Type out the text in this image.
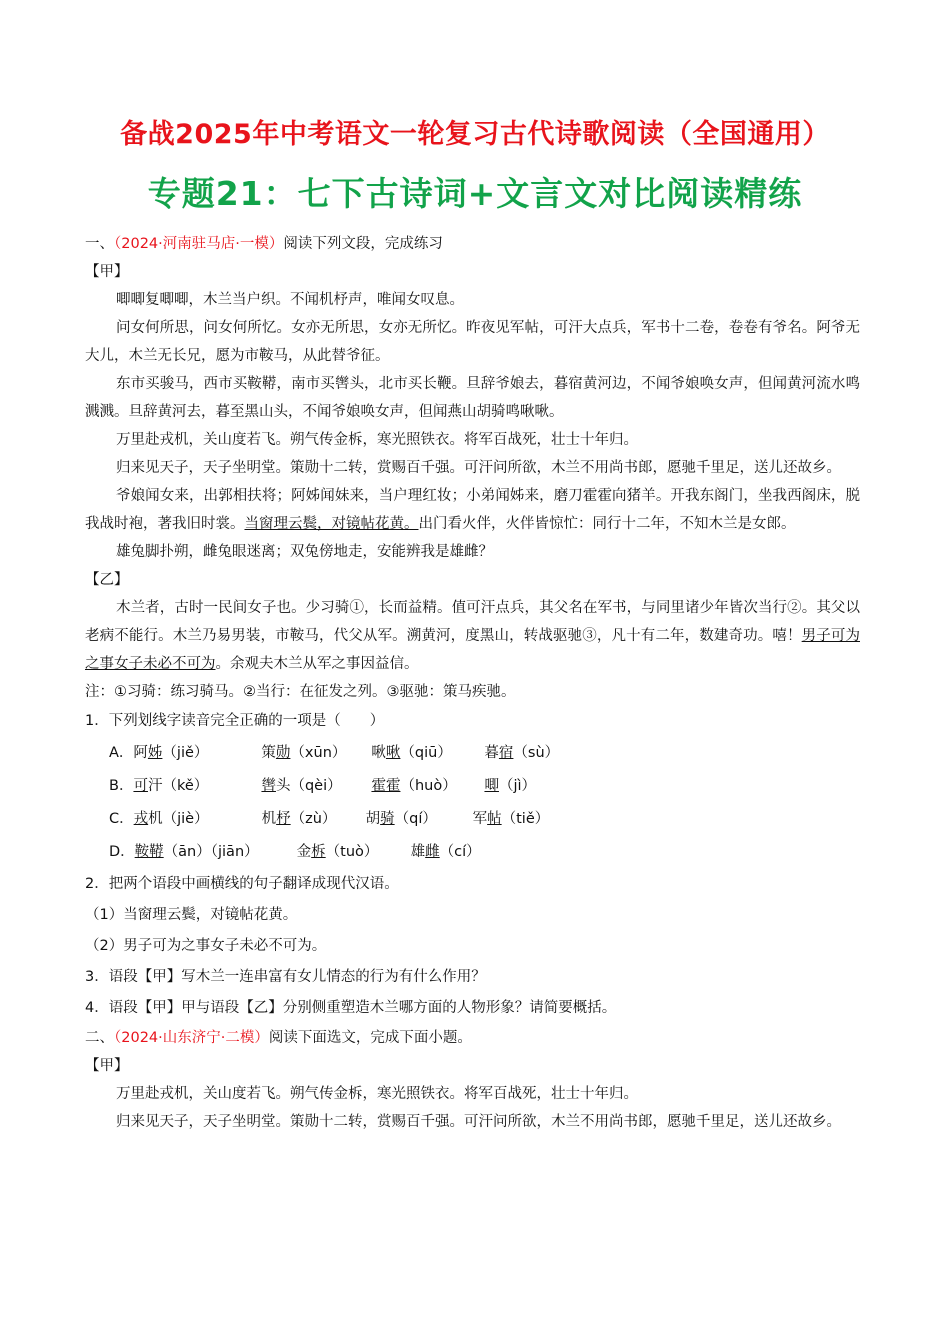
备战2025年中考语文一轮复习古代诗歌阅读（全国通用）
专题21：七下古诗词+文言文对比阅读精练
一、（2024·河南驻马店·一模）阅读下列文段，完成练习
【甲】
唧唧复唧唧，木兰当户织。不闻机杼声，唯闻女叹息。
问女何所思，问女何所忆。女亦无所思，女亦无所忆。昨夜见军帖，可汗大点兵，军书十二卷，卷卷有爷名。阿爷无大儿，木兰无长兄，愿为市鞍马，从此替爷征。
东市买骏马，西市买鞍鞯，南市买辔头，北市买长鞭。旦辞爷娘去，暮宿黄河边，不闻爷娘唤女声，但闻黄河流水鸣溅溅。旦辞黄河去，暮至黑山头，不闻爷娘唤女声，但闻燕山胡骑鸣啾啾。
万里赴戎机，关山度若飞。朔气传金柝，寒光照铁衣。将军百战死，壮士十年归。
归来见天子，天子坐明堂。策勋十二转，赏赐百千强。可汗问所欲，木兰不用尚书郎，愿驰千里足，送儿还故乡。
爷娘闻女来，出郭相扶将；阿姊闻妹来，当户理红妆；小弟闻姊来，磨刀霍霍向猪羊。开我东阁门，坐我西阁床，脱我战时袍，著我旧时裳。当窗理云鬓，对镜帖花黄。出门看火伴，火伴皆惊忙：同行十二年，不知木兰是女郎。
雄兔脚扑朔，雌兔眼迷离；双兔傍地走，安能辨我是雄雌？
【乙】
木兰者，古时一民间女子也。少习骑①，长而益精。值可汗点兵，其父名在军书，与同里诸少年皆次当行②。其父以老病不能行。木兰乃易男装，市鞍马，代父从军。溯黄河，度黑山，转战驱驰③，凡十有二年，数建奇功。嘻！男子可为之事女子未必不可为。余观夫木兰从军之事因益信。
注：①习骑：练习骑马。②当行：在征发之列。③驱驰：策马疾驰。
1．下列划线字读音完全正确的一项是（　　）
A．阿姊（jiě）	策勋（xūn） 啾啾（qiū） 暮宿（sù）
B．可汗（kě）	辔头（qèi） 霍霍（huò） 唧（jì）
C．戎机（jiè）	机杼（zù） 胡骑（qí） 军帖（tiě）
D．鞍鞯（ān）（jiān）	金柝（tuò） 雄雌（cí）
2．把两个语段中画横线的句子翻译成现代汉语。
（1）当窗理云鬓，对镜帖花黄。
（2）男子可为之事女子未必不可为。
3．语段【甲】写木兰一连串富有女儿情态的行为有什么作用？
4．语段【甲】甲与语段【乙】分别侧重塑造木兰哪方面的人物形象？请简要概括。
二、（2024·山东济宁·二模）阅读下面选文，完成下面小题。
【甲】
万里赴戎机，关山度若飞。朔气传金柝，寒光照铁衣。将军百战死，壮士十年归。
归来见天子，天子坐明堂。策勋十二转，赏赐百千强。可汗问所欲，木兰不用尚书郎，愿驰千里足，送儿还故乡。
